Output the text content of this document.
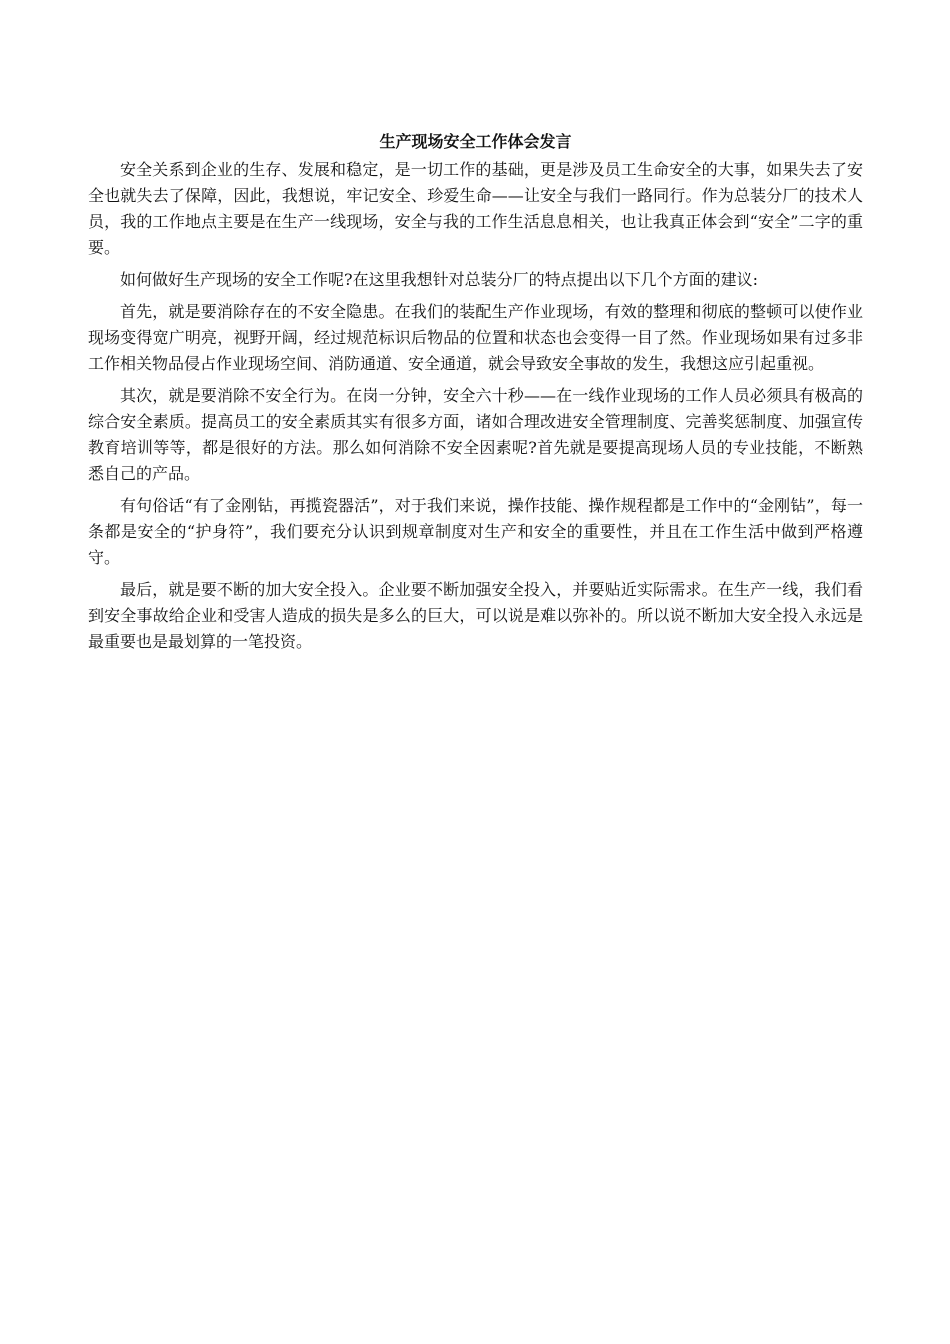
生产现场安全工作体会发言

安全关系到企业的生存、发展和稳定，是一切工作的基础，更是涉及员工生命安全的大事，如果失去了安全也就失去了保障，因此，我想说，牢记安全、珍爱生命——让安全与我们一路同行。作为总装分厂的技术人员，我的工作地点主要是在生产一线现场，安全与我的工作生活息息相关，也让我真正体会到“安全”二字的重要。

如何做好生产现场的安全工作呢?在这里我想针对总装分厂的特点提出以下几个方面的建议:

首先，就是要消除存在的不安全隐患。在我们的装配生产作业现场，有效的整理和彻底的整顿可以使作业现场变得宽广明亮，视野开阔，经过规范标识后物品的位置和状态也会变得一目了然。作业现场如果有过多非工作相关物品侵占作业现场空间、消防通道、安全通道，就会导致安全事故的发生，我想这应引起重视。

其次，就是要消除不安全行为。在岗一分钟，安全六十秒——在一线作业现场的工作人员必须具有极高的综合安全素质。提高员工的安全素质其实有很多方面，诸如合理改进安全管理制度、完善奖惩制度、加强宣传教育培训等等，都是很好的方法。那么如何消除不安全因素呢?首先就是要提高现场人员的专业技能，不断熟悉自己的产品。

有句俗话“有了金刚钻，再揽瓷器活”，对于我们来说，操作技能、操作规程都是工作中的“金刚钻”，每一条都是安全的“护身符”，我们要充分认识到规章制度对生产和安全的重要性，并且在工作生活中做到严格遵守。

最后，就是要不断的加大安全投入。企业要不断加强安全投入，并要贴近实际需求。在生产一线，我们看到安全事故给企业和受害人造成的损失是多么的巨大，可以说是难以弥补的。所以说不断加大安全投入永远是最重要也是最划算的一笔投资。
